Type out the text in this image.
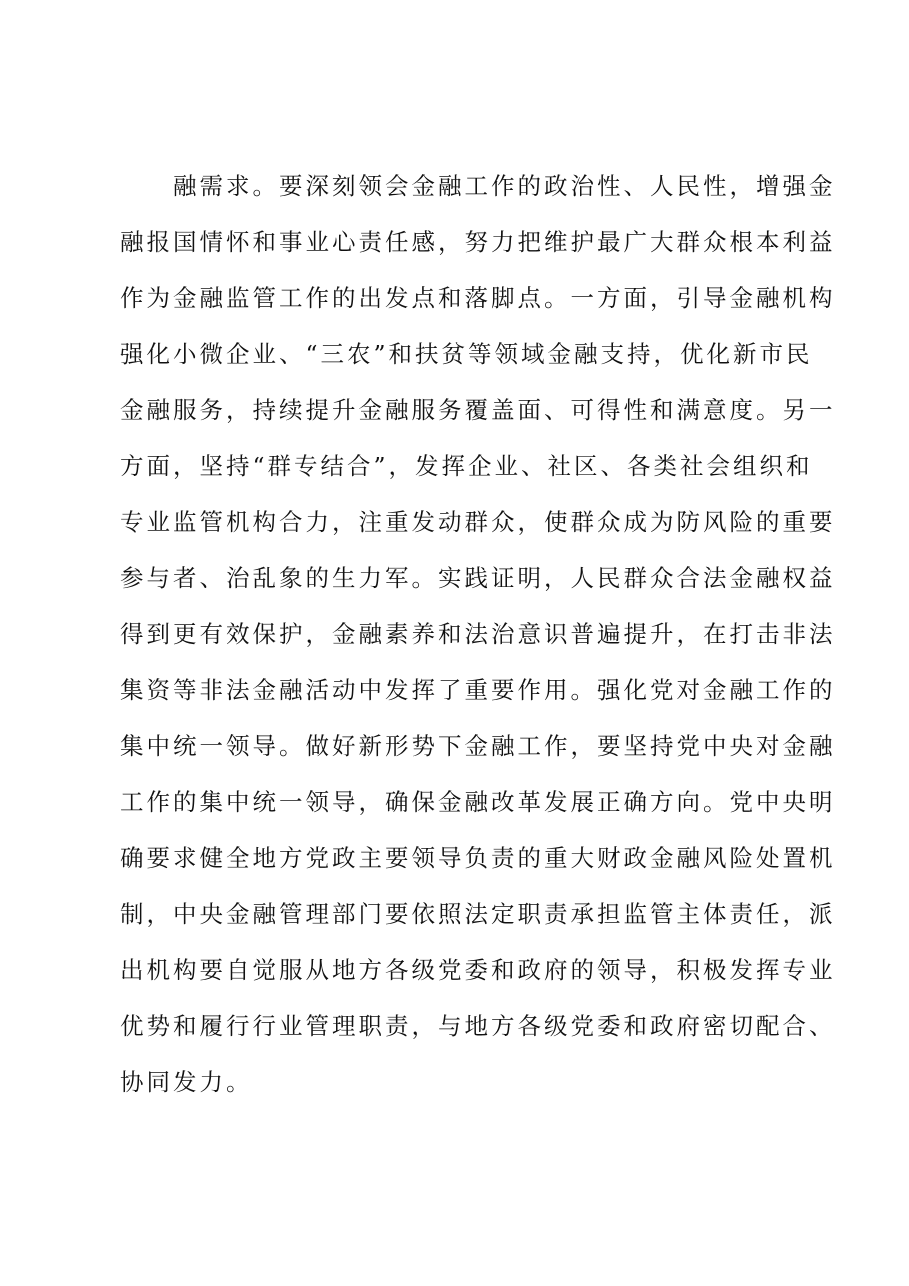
融需求。要深刻领会金融工作的政治性、人民性，增强金
融报国情怀和事业心责任感，努力把维护最广大群众根本利益
作为金融监管工作的出发点和落脚点。一方面，引导金融机构
强化小微企业、“三农”和扶贫等领域金融支持，优化新市民
金融服务，持续提升金融服务覆盖面、可得性和满意度。另一
方面，坚持“群专结合”，发挥企业、社区、各类社会组织和
专业监管机构合力，注重发动群众，使群众成为防风险的重要
参与者、治乱象的生力军。实践证明，人民群众合法金融权益
得到更有效保护，金融素养和法治意识普遍提升，在打击非法
集资等非法金融活动中发挥了重要作用。强化党对金融工作的
集中统一领导。做好新形势下金融工作，要坚持党中央对金融
工作的集中统一领导，确保金融改革发展正确方向。党中央明
确要求健全地方党政主要领导负责的重大财政金融风险处置机
制，中央金融管理部门要依照法定职责承担监管主体责任，派
出机构要自觉服从地方各级党委和政府的领导，积极发挥专业
优势和履行行业管理职责，与地方各级党委和政府密切配合、
协同发力。
